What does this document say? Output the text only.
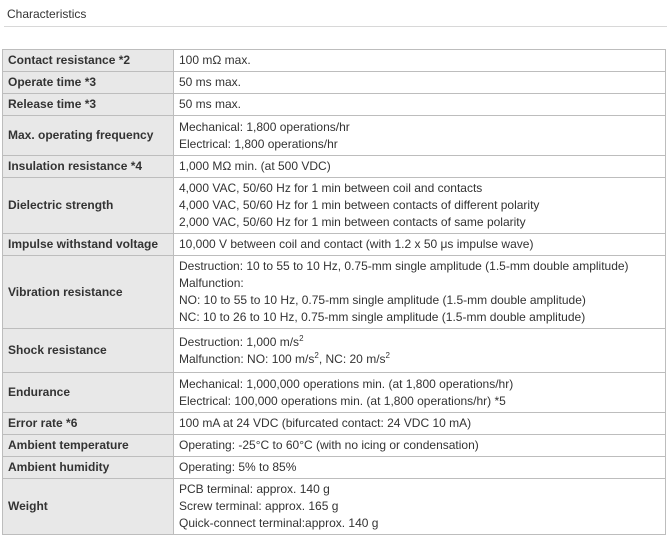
Characteristics
Contact resistance *2	100 mΩ max.

Operate time *3	50 ms max.

Release time *3	50 ms max.

Max. operating frequency	Mechanical: 1,800 operations/hr
Electrical: 1,800 operations/hr

Insulation resistance *4	1,000 MΩ min. (at 500 VDC)

Dielectric strength	4,000 VAC, 50/60 Hz for 1 min between coil and contacts
4,000 VAC, 50/60 Hz for 1 min between contacts of different polarity
2,000 VAC, 50/60 Hz for 1 min between contacts of same polarity

Impulse withstand voltage	10,000 V between coil and contact (with 1.2 x 50 μs impulse wave)

Vibration resistance	Destruction: 10 to 55 to 10 Hz, 0.75-mm single amplitude (1.5-mm double amplitude)
Malfunction:
NO: 10 to 55 to 10 Hz, 0.75-mm single amplitude (1.5-mm double amplitude)
NC: 10 to 26 to 10 Hz, 0.75-mm single amplitude (1.5-mm double amplitude)

Shock resistance	Destruction: 1,000 $m/s^2$
Malfunction: NO: 100 $m/s^2$, NC: 20 $m/s^2$

Endurance	Mechanical: 1,000,000 operations min. (at 1,800 operations/hr)
Electrical: 100,000 operations min. (at 1,800 operations/hr) *5

Error rate *6	100 mA at 24 VDC (bifurcated contact: 24 VDC 10 mA)

Ambient temperature	Operating: -25°C to 60°C (with no icing or condensation)

Ambient humidity	Operating: 5% to 85%

Weight	PCB terminal: approx. 140 g
Screw terminal: approx. 165 g
Quick-connect terminal:approx. 140 g
